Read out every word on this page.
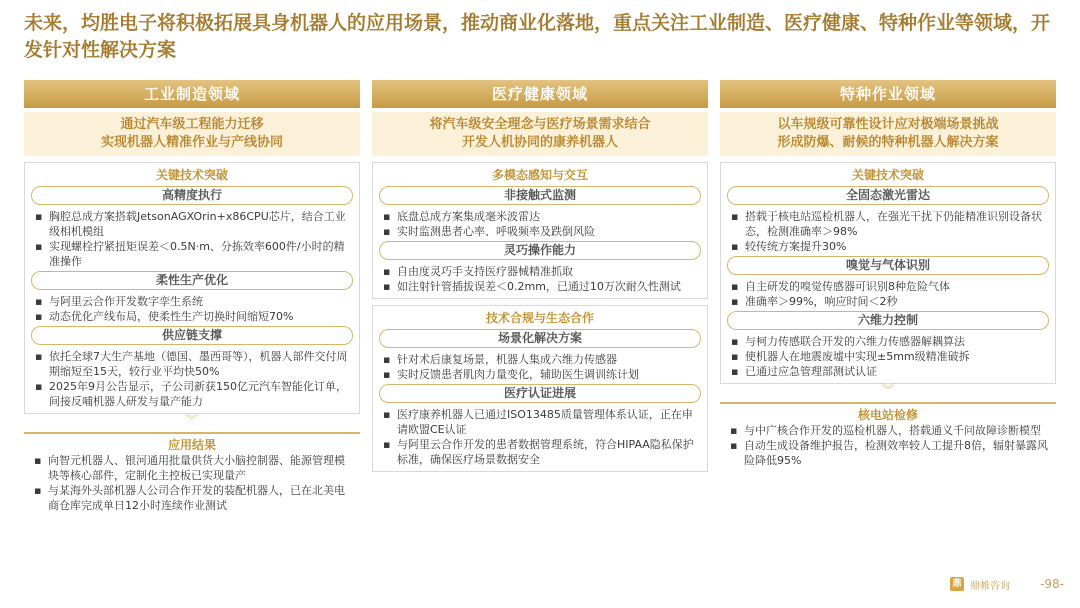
未来，均胜电子将积极拓展具身机器人的应用场景，推动商业化落地，重点关注工业制造、医疗健康、特种作业等领域，开发针对性解决方案
工业制造领域
通过汽车级工程能力迁移
实现机器人精准作业与产线协同
关键技术突破
高精度执行
▪ 胸腔总成方案搭载JetsonAGXOrin+x86CPU芯片，结合工业级相机模组
▪ 实现螺栓拧紧扭矩误差＜0.5N·m、分拣效率600件/小时的精准操作
柔性生产优化
▪ 与阿里云合作开发数字孪生系统
▪ 动态优化产线布局，使柔性生产切换时间缩短70%
供应链支撑
▪ 依托全球7大生产基地（德国、墨西哥等），机器人部件交付周期缩短至15天，较行业平均快50%
▪ 2025年9月公告显示，子公司新获150亿元汽车智能化订单，间接反哺机器人研发与量产能力
︾
应用结果
▪ 向智元机器人、银河通用批量供货大小脑控制器、能源管理模块等核心部件，定制化主控板已实现量产
▪ 与某海外头部机器人公司合作开发的装配机器人，已在北美电商仓库完成单日12小时连续作业测试
医疗健康领域
将汽车级安全理念与医疗场景需求结合
开发人机协同的康养机器人
多模态感知与交互
非接触式监测
▪ 底盘总成方案集成毫米波雷达
▪ 实时监测患者心率、呼吸频率及跌倒风险
灵巧操作能力
▪ 自由度灵巧手支持医疗器械精准抓取
▪ 如注射针管插拔误差＜0.2mm，已通过10万次耐久性测试
技术合规与生态合作
场景化解决方案
▪ 针对术后康复场景，机器人集成六维力传感器
▪ 实时反馈患者肌肉力量变化，辅助医生调训练计划
医疗认证进展
▪ 医疗康养机器人已通过ISO13485质量管理体系认证，正在申请欧盟CE认证
▪ 与阿里云合作开发的患者数据管理系统，符合HIPAA隐私保护标准，确保医疗场景数据安全
特种作业领域
以车规级可靠性设计应对极端场景挑战
形成防爆、耐候的特种机器人解决方案
关键技术突破
全固态激光雷达
▪ 搭载于核电站巡检机器人，在强光干扰下仍能精准识别设备状态，检测准确率＞98%
▪ 较传统方案提升30%
嗅觉与气体识别
▪ 自主研发的嗅觉传感器可识别8种危险气体
▪ 准确率＞99%，响应时间＜2秒
六维力控制
▪ 与柯力传感联合开发的六维力传感器解耦算法
▪ 使机器人在地震废墟中实现±5mm级精准破拆
▪ 已通过应急管理部测试认证
︾
核电站检修
▪ 与中广核合作开发的巡检机器人，搭载通义千问故障诊断模型
▪ 自动生成设备维护报告，检测效率较人工提升8倍，辐射暴露风险降低95%
鼎 鼎帷咨询	-98-
